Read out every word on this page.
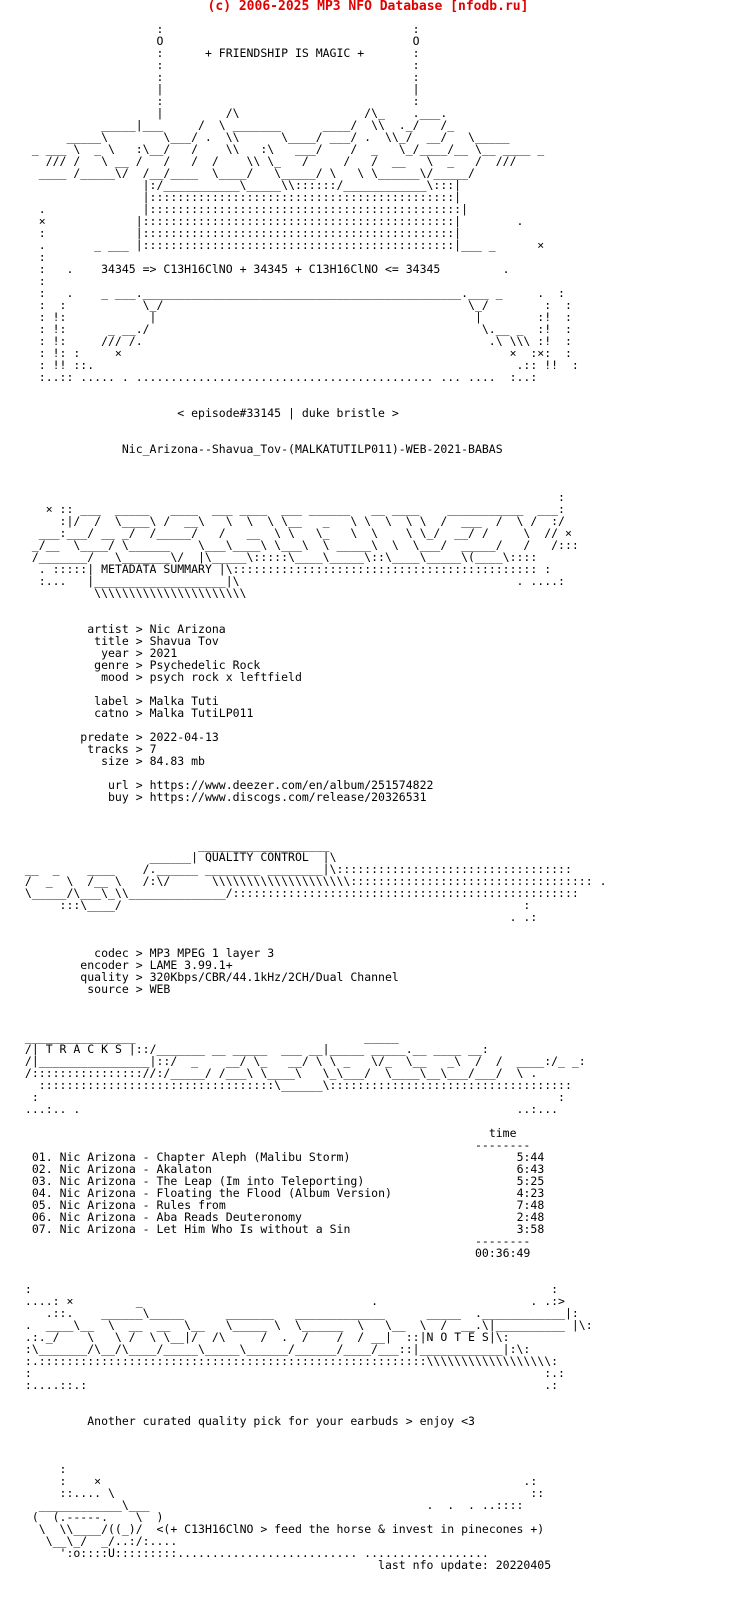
(c) 2006-2025 MP3 NFO Database [nfodb.ru]

:                                    :
O                                    O
:	+ FRIENDSHIP IS MAGIC +	:
:                                    :
:                                    :
|                                    |
:                                    :
|         /\                  /\_    .___.
_____|___     /  \ _______      ____/  \\  ._/   /_
_____\        \___/ .  \\      \____/ ___/ .  \\_/  __/   \_____
_ ___ \  _ \   :\__/   /    \\   :\   ___/    /  _   \_/____/__ \__ ____ _
/// /   \ __ /   /   /  /    \\ \_   /     /   /  __   \  _   /  ///
____ /_____\/  /__/____  \____/   \_____/ \   \ \______\/_____/
|:/___________\_____\\::::::/____________\:::|
|::::::::::::::::::::::::::::::::::::::::::::|
.              |:::::::::::::::::::::::::::::::::::::::::::::|
×             |:::::::::::::::::::::::::::::::::::::::::::::|        .
:             |:::::::::::::::::::::::::::::::::::::::::::::|
.       _ ___ |:::::::::::::::::::::::::::::::::::::::::::::|___ _      ×
:
:   .    34345 => C13H16ClNO + 34345 + C13H16ClNO <= 34345	.
:
:   .    _ ___.______________________________________________.___ _     .  :
:  :           \_/                                            \_/        :  :
: !:            |                                              |        :!  :
: !:      _ __./                                                \.__ _  :!  :
: !:     /// /.                                                  .\ \\\ :!  :
: !: :     ×                                                        ×  :×:  :
: !! ::.                                                             .:: !!  :
:..:: ..... . ........................................... ... ....  :..:

< episode#33145 | duke bristle >

Nic_Arizona--Shavua_Tov-(MALKATUTILP011)-WEB-2021-BABAS

:
× :: ___  _____   ____  ___ ____  ___ ______   __ ____    ___________  ___:
:|/  /  \____\ /  __\   \  \  \ \__   _   \ \  \  \ \  /  ___  /  \ /  :/
___:___/ __ _/  /_____/   /   __  \ \   \_   \  \    \ \_/  __/ /     \  // ×
_/__  \____/ \______    \___\____\ \___\  \ _____\  \  \___/  _____/   /   /:::
/_______/   \_______\/  |\_____\:::::\____\_____\::\____\_____\(____\::::
. :::::| METADATA SUMMARY |\:::::::::::::::::::::::::::::::::::::::::::: :
:...   |___________________|\                                        . ....:
\\\\\\\\\\\\\\\\\\\\\\

artist > Nic Arizona
title > Shavua Tov
year > 2021
genre > Psychedelic Rock
mood > psych rock x leftfield

label > Malka Tuti
catno > Malka TutiLP011

predate > 2022-04-13
tracks > 7
size > 84.83 mb

url > https://www.deezer.com/en/album/251574822
buy > https://www.discogs.com/release/20326531

___________________
______| QUALITY CONTROL  |\
__  _    ____    /.______ ________ ________|\::::::::::::::::::::::::::::::::::
/  _  \  /__ \   /:\/      \\\\\\\\\\\\\\\\\\\\::::::::::::::::::::::::::::::::::: .
\_____/\___\_\\______________/::::::::::::::::::::::::::::::::::::::::::::::::::
:::\____/                                                          :
. .:

codec > MP3 MPEG 1 layer 3
encoder > LAME 3.99.1+
quality > 320Kbps/CBR/44.1kHz/2CH/Dual Channel
source > WEB

________________                                 _____
/| T R A C K S |::/_______ __ _____  ___ __|_____ _____.__ ____ __:
/|________________|::/  _    __/ \_   __/ \ \ _   \/_  \__   _\  /  /  ____:/_ _:
/:::::::::::::::://:/_____/ /___\ \____\   \_\___/  \____\__\___/___/  \ .
::::::::::::::::::::::::::::::::::\______\:::::::::::::::::::::::::::::::::::
:                                                                           :
...:.. .                                                               ..:...

time
--------
01. Nic Arizona - Chapter Aleph (Malibu Storm)	5:44
02. Nic Arizona - Akalaton	6:43
03. Nic Arizona - The Leap (Im into Teleporting)	5:25
04. Nic Arizona - Floating the Flood (Album Version)	4:23
05. Nic Arizona - Rules from	7:48
06. Nic Arizona - Aba Reads Deuteronomy	2:48
07. Nic Arizona - Let Him Who Is without a Sin	3:58
--------
00:36:49

:                                                                           :
....: ×         _                                 .                      . .:>
.::.    ______\_____      _______   _____________      _____  .____________|:
.  ____\__  \  __  __  \__   \_____ \  \______  \   \__  \  /  __.\|__________ |\:
.:._/    \   \ /  \ \__|/  /\     /  .  /    /  / __|  ::|N O T E S|\:
:\_______/\__/\____/_____\_____\______/______/____/___::|____________|:\:
:.::::::::::::::::::::::::::::::::::::::::::::::::::::::::\\\\\\\\\\\\\\\\\\:
:                                                                          :.:
:....::.:                                                                  .:

Another curated quality pick for your earbuds > enjoy <3

:
:    ×                                                             .:
::.... \                                                            ::
____________\___                                        .  .  . ..::::
(  (.-----.    \  )
\  \\____/((_)/  <(+ C13H16ClNO > feed the horse & invest in pinecones +)
\__\_/  _/..:/:....
':o::::U:::::::::.......................... ..................
last nfo update: 20220405
